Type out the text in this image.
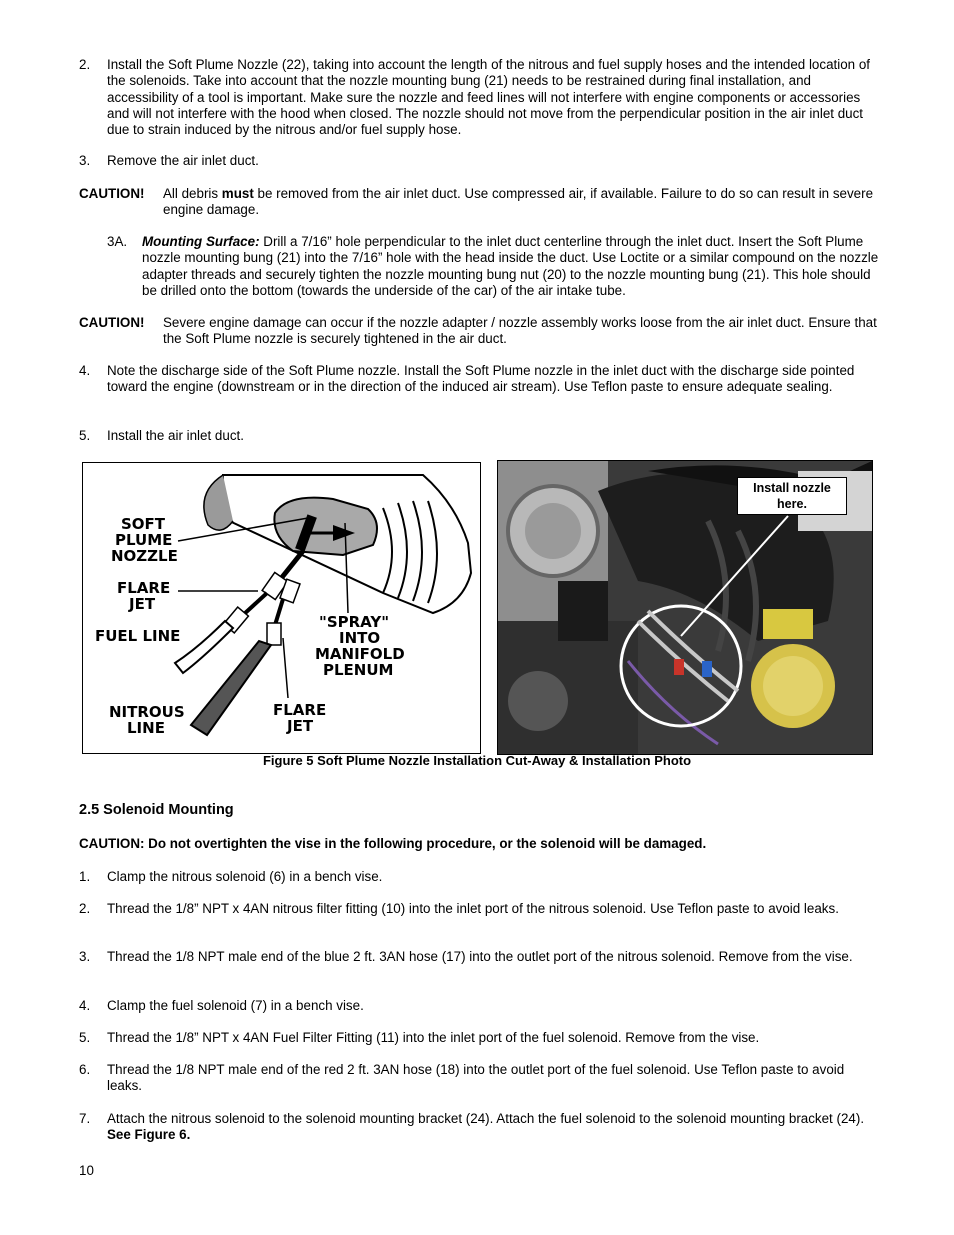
2. Install the Soft Plume Nozzle (22), taking into account the length of the nitrous and fuel supply hoses and the intended location of the solenoids. Take into account that the nozzle mounting bung (21) needs to be restrained during final installation, and accessibility of a tool is important. Make sure the nozzle and feed lines will not interfere with engine components or accessories and will not interfere with the hood when closed. The nozzle should not move from the perpendicular position in the air inlet duct due to strain induced by the nitrous and/or fuel supply hose.
3. Remove the air inlet duct.
CAUTION! All debris must be removed from the air inlet duct. Use compressed air, if available. Failure to do so can result in severe engine damage.
3A. Mounting Surface: Drill a 7/16” hole perpendicular to the inlet duct centerline through the inlet duct. Insert the Soft Plume nozzle mounting bung (21) into the 7/16” hole with the head inside the duct. Use Loctite or a similar compound on the nozzle adapter threads and securely tighten the nozzle mounting bung nut (20) to the nozzle mounting bung (21). This hole should be drilled onto the bottom (towards the underside of the car) of the air intake tube.
CAUTION! Severe engine damage can occur if the nozzle adapter / nozzle assembly works loose from the air inlet duct. Ensure that the Soft Plume nozzle is securely tightened in the air duct.
4. Note the discharge side of the Soft Plume nozzle. Install the Soft Plume nozzle in the inlet duct with the discharge side pointed toward the engine (downstream or in the direction of the induced air stream). Use Teflon paste to ensure adequate sealing.
5. Install the air inlet duct.
SOFT
PLUME
NOZZLE
FLARE
JET
FUEL LINE
NITROUS
LINE
"SPRAY"
INTO
MANIFOLD
PLENUM
FLARE
JET
Install nozzle
here.
Figure 5 Soft Plume Nozzle Installation Cut-Away & Installation Photo
2.5 Solenoid Mounting
CAUTION: Do not overtighten the vise in the following procedure, or the solenoid will be damaged.
1. Clamp the nitrous solenoid (6) in a bench vise.
2. Thread the 1/8” NPT x 4AN nitrous filter fitting (10) into the inlet port of the nitrous solenoid. Use Teflon paste to avoid leaks.
3. Thread the 1/8 NPT male end of the blue 2 ft. 3AN hose (17) into the outlet port of the nitrous solenoid. Remove from the vise.
4. Clamp the fuel solenoid (7) in a bench vise.
5. Thread the 1/8” NPT x 4AN Fuel Filter Fitting (11) into the inlet port of the fuel solenoid. Remove from the vise.
6. Thread the 1/8 NPT male end of the red 2 ft. 3AN hose (18) into the outlet port of the fuel solenoid. Use Teflon paste to avoid leaks.
7. Attach the nitrous solenoid to the solenoid mounting bracket (24). Attach the fuel solenoid to the solenoid mounting bracket (24). See Figure 6.
10
